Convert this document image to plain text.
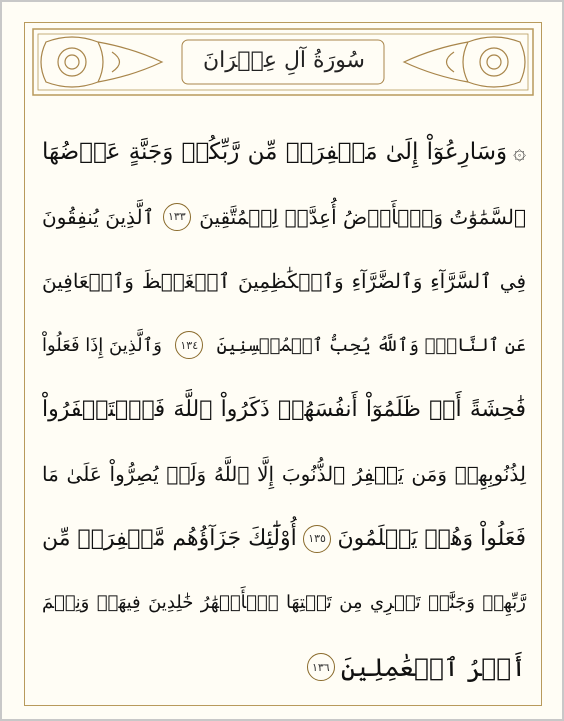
سُورَةُ آلِ عِمۡرَانَ
۞
وَسَارِعُوٓاْ إِلَىٰ مَغۡفِرَةٖ مِّن رَّبِّكُمۡ وَجَنَّةٍ عَرۡضُهَا
ٱلسَّمَٰوَٰتُ وَٱلۡأَرۡضُ أُعِدَّتۡ لِلۡمُتَّقِينَ
١٣٣
ٱلَّذِينَ يُنفِقُونَ
فِي ٱلسَّرَّآءِ وَٱلضَّرَّآءِ وَٱلۡكَٰظِمِينَ ٱلۡغَيۡظَ وَٱلۡعَافِينَ
عَنِ ٱلنَّاسِۗ وَٱللَّهُ يُحِبُّ ٱلۡمُحۡسِنِينَ
١٣٤
وَٱلَّذِينَ إِذَا فَعَلُواْ
فَٰحِشَةً أَوۡ ظَلَمُوٓاْ أَنفُسَهُمۡ ذَكَرُواْ ٱللَّهَ فَٱسۡتَغۡفَرُواْ
لِذُنُوبِهِمۡ وَمَن يَغۡفِرُ ٱلذُّنُوبَ إِلَّا ٱللَّهُ وَلَمۡ يُصِرُّواْ عَلَىٰ مَا
فَعَلُواْ وَهُمۡ يَعۡلَمُونَ
١٣٥
أُوْلَٰٓئِكَ جَزَآؤُهُم مَّغۡفِرَةٞ مِّن
رَّبِّهِمۡ وَجَنَّٰتٞ تَجۡرِي مِن تَحۡتِهَا ٱلۡأَنۡهَٰرُ خَٰلِدِينَ فِيهَاۚ وَنِعۡمَ
أَجۡرُ ٱلۡعَٰمِلِينَ
١٣٦
